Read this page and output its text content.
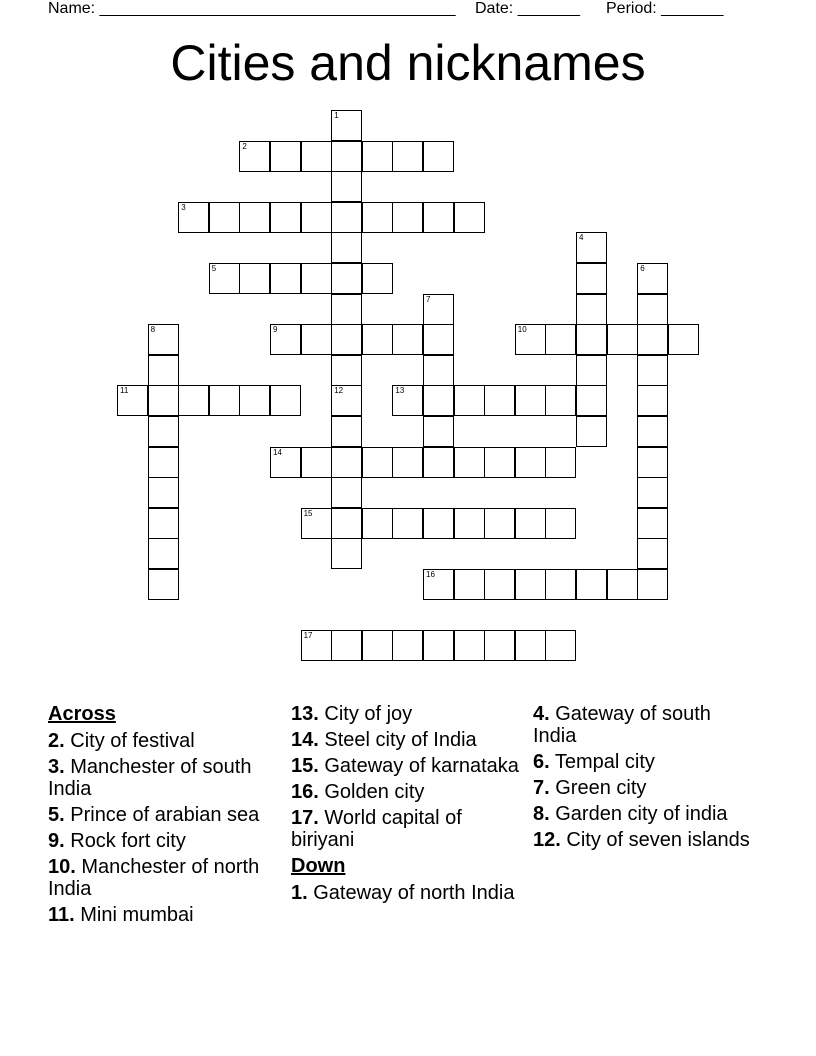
Name: ________________________________________ Date: _______ Period: _______
Cities and nicknames
2
3
5
9	10
11	13
14
15
16
17
1
12
4
6
7
8
Across
2. City of festival
3. Manchester of south India
5. Prince of arabian sea
9. Rock fort city
10. Manchester of north India
11. Mini mumbai
13. City of joy
14. Steel city of India
15. Gateway of karnataka
16. Golden city
17. World capital of biriyani
Down
1. Gateway of north India
4. Gateway of south India
6. Tempal city
7. Green city
8. Garden city of india
12. City of seven islands
